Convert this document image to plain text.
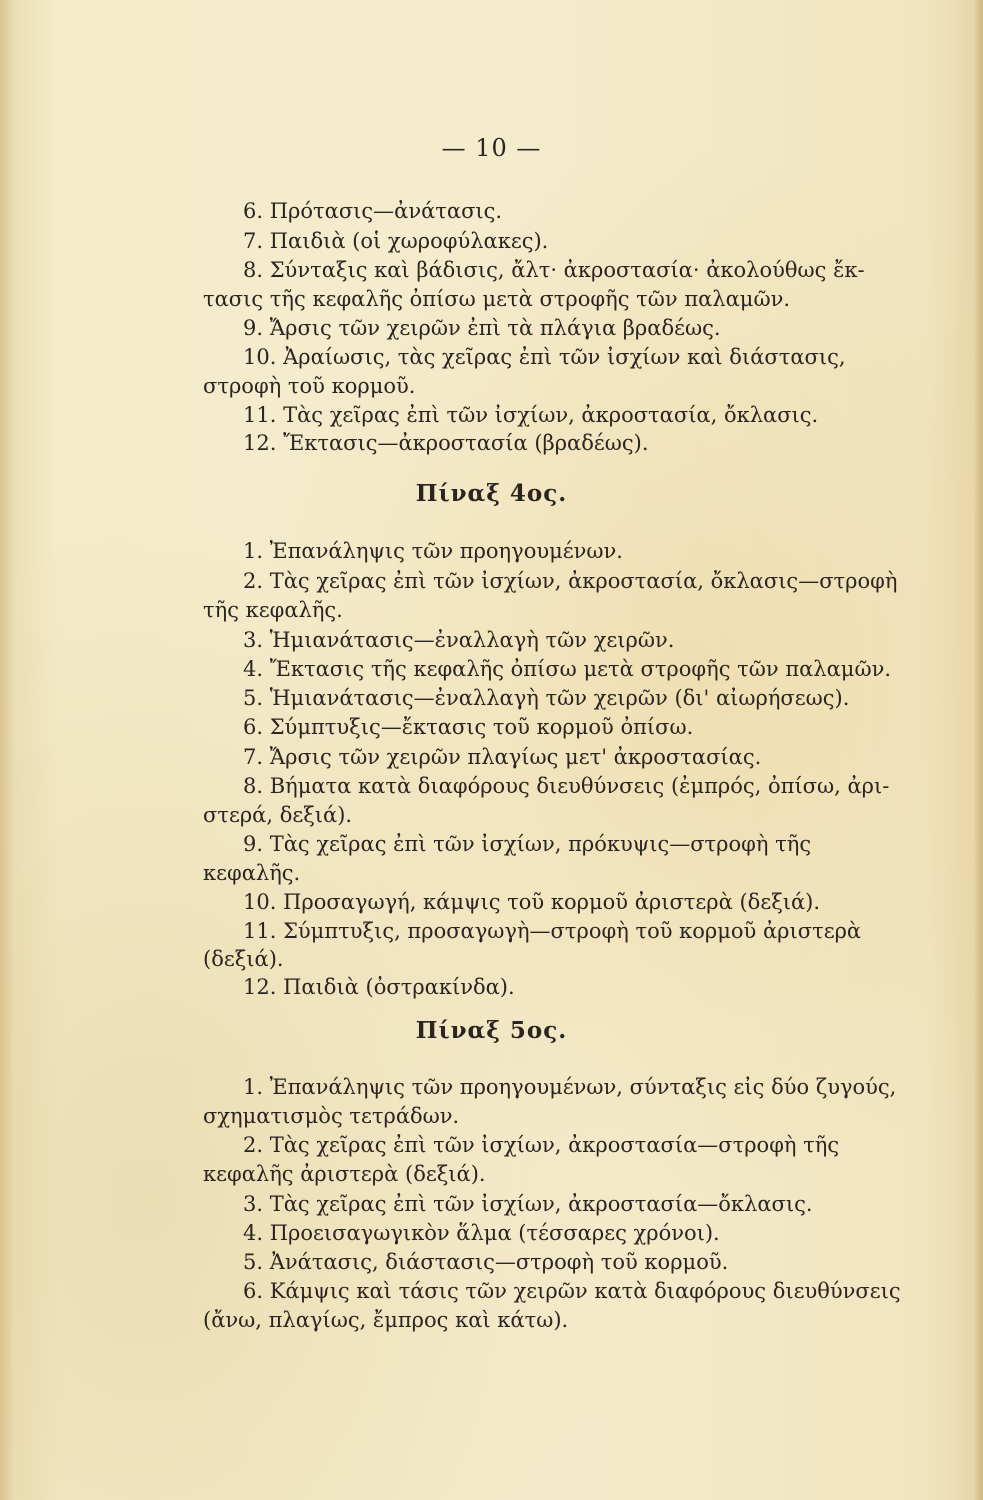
— 10 —
6. Πρότασις—ἀνάτασις.
7. Παιδιὰ (οἱ χωροφύλακες).
8. Σύνταξις καὶ βάδισις, ἄλτ· ἀκροστασία· ἀκολούθως ἔκ-
τασις τῆς κεφαλῆς ὀπίσω μετὰ στροφῆς τῶν παλαμῶν.
9. Ἄρσις τῶν χειρῶν ἐπὶ τὰ πλάγια βραδέως.
10. Ἀραίωσις, τὰς χεῖρας ἐπὶ τῶν ἰσχίων καὶ διάστασις,
στροφὴ τοῦ κορμοῦ.
11. Τὰς χεῖρας ἐπὶ τῶν ἰσχίων, ἀκροστασία, ὄκλασις.
12. Ἔκτασις—ἀκροστασία (βραδέως).
Πίναξ 4ος.
1. Ἐπανάληψις τῶν προηγουμένων.
2. Τὰς χεῖρας ἐπὶ τῶν ἰσχίων, ἀκροστασία, ὄκλασις—στροφὴ
τῆς κεφαλῆς.
3. Ἡμιανάτασις—ἐναλλαγὴ τῶν χειρῶν.
4. Ἔκτασις τῆς κεφαλῆς ὀπίσω μετὰ στροφῆς τῶν παλαμῶν.
5. Ἡμιανάτασις—ἐναλλαγὴ τῶν χειρῶν (δι' αἰωρήσεως).
6. Σύμπτυξις—ἔκτασις τοῦ κορμοῦ ὀπίσω.
7. Ἄρσις τῶν χειρῶν πλαγίως μετ' ἀκροστασίας.
8. Βήματα κατὰ διαφόρους διευθύνσεις (ἐμπρός, ὀπίσω, ἀρι-
στερά, δεξιά).
9. Τὰς χεῖρας ἐπὶ τῶν ἰσχίων, πρόκυψις—στροφὴ τῆς
κεφαλῆς.
10. Προσαγωγή, κάμψις τοῦ κορμοῦ ἀριστερὰ (δεξιά).
11. Σύμπτυξις, προσαγωγὴ—στροφὴ τοῦ κορμοῦ ἀριστερὰ
(δεξιά).
12. Παιδιὰ (ὀστρακίνδα).
Πίναξ 5ος.
1. Ἐπανάληψις τῶν προηγουμένων, σύνταξις εἰς δύο ζυγούς,
σχηματισμὸς τετράδων.
2. Τὰς χεῖρας ἐπὶ τῶν ἰσχίων, ἀκροστασία—στροφὴ τῆς
κεφαλῆς ἀριστερὰ (δεξιά).
3. Τὰς χεῖρας ἐπὶ τῶν ἰσχίων, ἀκροστασία—ὄκλασις.
4. Προεισαγωγικὸν ἅλμα (τέσσαρες χρόνοι).
5. Ἀνάτασις, διάστασις—στροφὴ τοῦ κορμοῦ.
6. Κάμψις καὶ τάσις τῶν χειρῶν κατὰ διαφόρους διευθύνσεις
(ἄνω, πλαγίως, ἔμπρος καὶ κάτω).
